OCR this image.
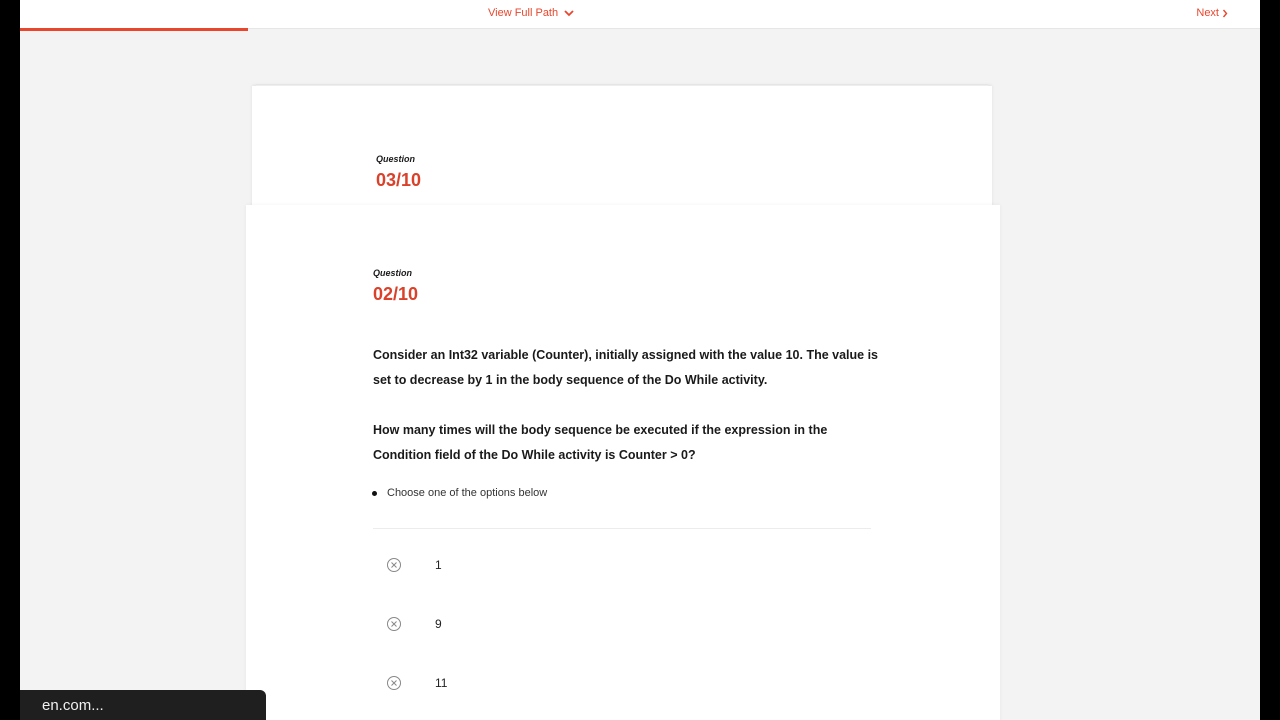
View Full Path	Next
Question
03/10
Question
02/10
Consider an Int32 variable (Counter), initially assigned with the value 10. The value is set to decrease by 1 in the body sequence of the Do While activity.
How many times will the body sequence be executed if the expression in the Condition field of the Do While activity is Counter > 0?
Choose one of the options below
1
9
11
en.com...
